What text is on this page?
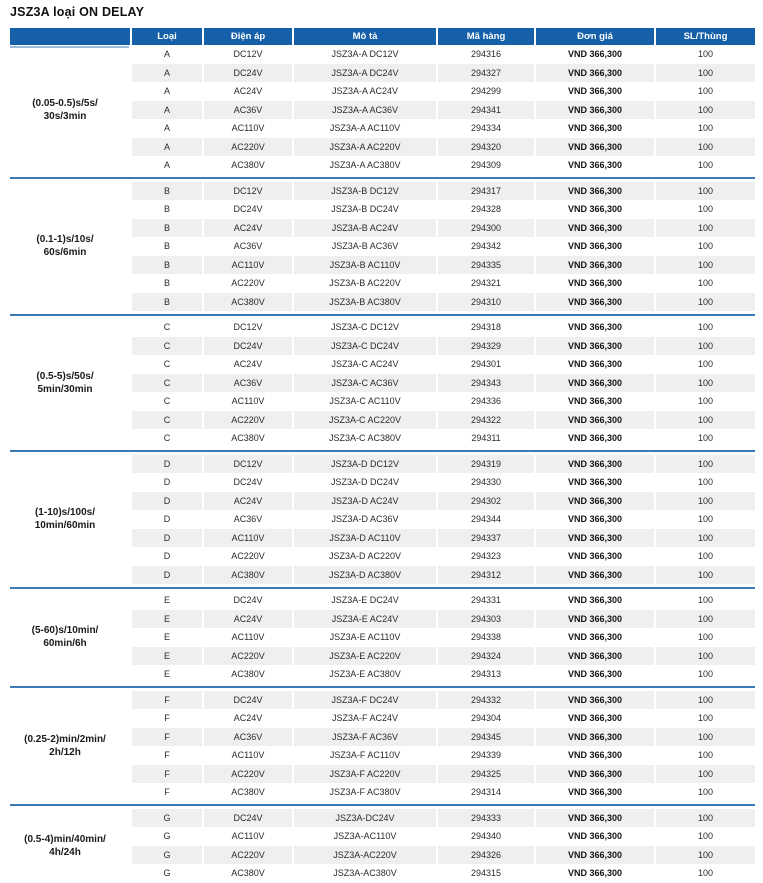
JSZ3A loại ON DELAY
Loại	Điện áp	Mô tả	Mã hàng	Đơn giá	SL/Thùng
(0.05-0.5)s/5s/
30s/3min
A	DC12V	JSZ3A-A DC12V	294316	VND 366,300	100
A	DC24V	JSZ3A-A DC24V	294327	VND 366,300	100
A	AC24V	JSZ3A-A AC24V	294299	VND 366,300	100
A	AC36V	JSZ3A-A AC36V	294341	VND 366,300	100
A	AC110V	JSZ3A-A AC110V	294334	VND 366,300	100
A	AC220V	JSZ3A-A AC220V	294320	VND 366,300	100
A	AC380V	JSZ3A-A AC380V	294309	VND 366,300	100
(0.1-1)s/10s/
60s/6min
B	DC12V	JSZ3A-B DC12V	294317	VND 366,300	100
B	DC24V	JSZ3A-B DC24V	294328	VND 366,300	100
B	AC24V	JSZ3A-B AC24V	294300	VND 366,300	100
B	AC36V	JSZ3A-B AC36V	294342	VND 366,300	100
B	AC110V	JSZ3A-B AC110V	294335	VND 366,300	100
B	AC220V	JSZ3A-B AC220V	294321	VND 366,300	100
B	AC380V	JSZ3A-B AC380V	294310	VND 366,300	100
(0.5-5)s/50s/
5min/30min
C	DC12V	JSZ3A-C DC12V	294318	VND 366,300	100
C	DC24V	JSZ3A-C DC24V	294329	VND 366,300	100
C	AC24V	JSZ3A-C AC24V	294301	VND 366,300	100
C	AC36V	JSZ3A-C AC36V	294343	VND 366,300	100
C	AC110V	JSZ3A-C AC110V	294336	VND 366,300	100
C	AC220V	JSZ3A-C AC220V	294322	VND 366,300	100
C	AC380V	JSZ3A-C AC380V	294311	VND 366,300	100
(1-10)s/100s/
10min/60min
D	DC12V	JSZ3A-D DC12V	294319	VND 366,300	100
D	DC24V	JSZ3A-D DC24V	294330	VND 366,300	100
D	AC24V	JSZ3A-D AC24V	294302	VND 366,300	100
D	AC36V	JSZ3A-D AC36V	294344	VND 366,300	100
D	AC110V	JSZ3A-D AC110V	294337	VND 366,300	100
D	AC220V	JSZ3A-D AC220V	294323	VND 366,300	100
D	AC380V	JSZ3A-D AC380V	294312	VND 366,300	100
(5-60)s/10min/
60min/6h
E	DC24V	JSZ3A-E DC24V	294331	VND 366,300	100
E	AC24V	JSZ3A-E AC24V	294303	VND 366,300	100
E	AC110V	JSZ3A-E AC110V	294338	VND 366,300	100
E	AC220V	JSZ3A-E AC220V	294324	VND 366,300	100
E	AC380V	JSZ3A-E AC380V	294313	VND 366,300	100
(0.25-2)min/2min/
2h/12h
F	DC24V	JSZ3A-F DC24V	294332	VND 366,300	100
F	AC24V	JSZ3A-F AC24V	294304	VND 366,300	100
F	AC36V	JSZ3A-F AC36V	294345	VND 366,300	100
F	AC110V	JSZ3A-F AC110V	294339	VND 366,300	100
F	AC220V	JSZ3A-F AC220V	294325	VND 366,300	100
F	AC380V	JSZ3A-F AC380V	294314	VND 366,300	100
(0.5-4)min/40min/
4h/24h
G	DC24V	JSZ3A-DC24V	294333	VND 366,300	100
G	AC110V	JSZ3A-AC110V	294340	VND 366,300	100
G	AC220V	JSZ3A-AC220V	294326	VND 366,300	100
G	AC380V	JSZ3A-AC380V	294315	VND 366,300	100
